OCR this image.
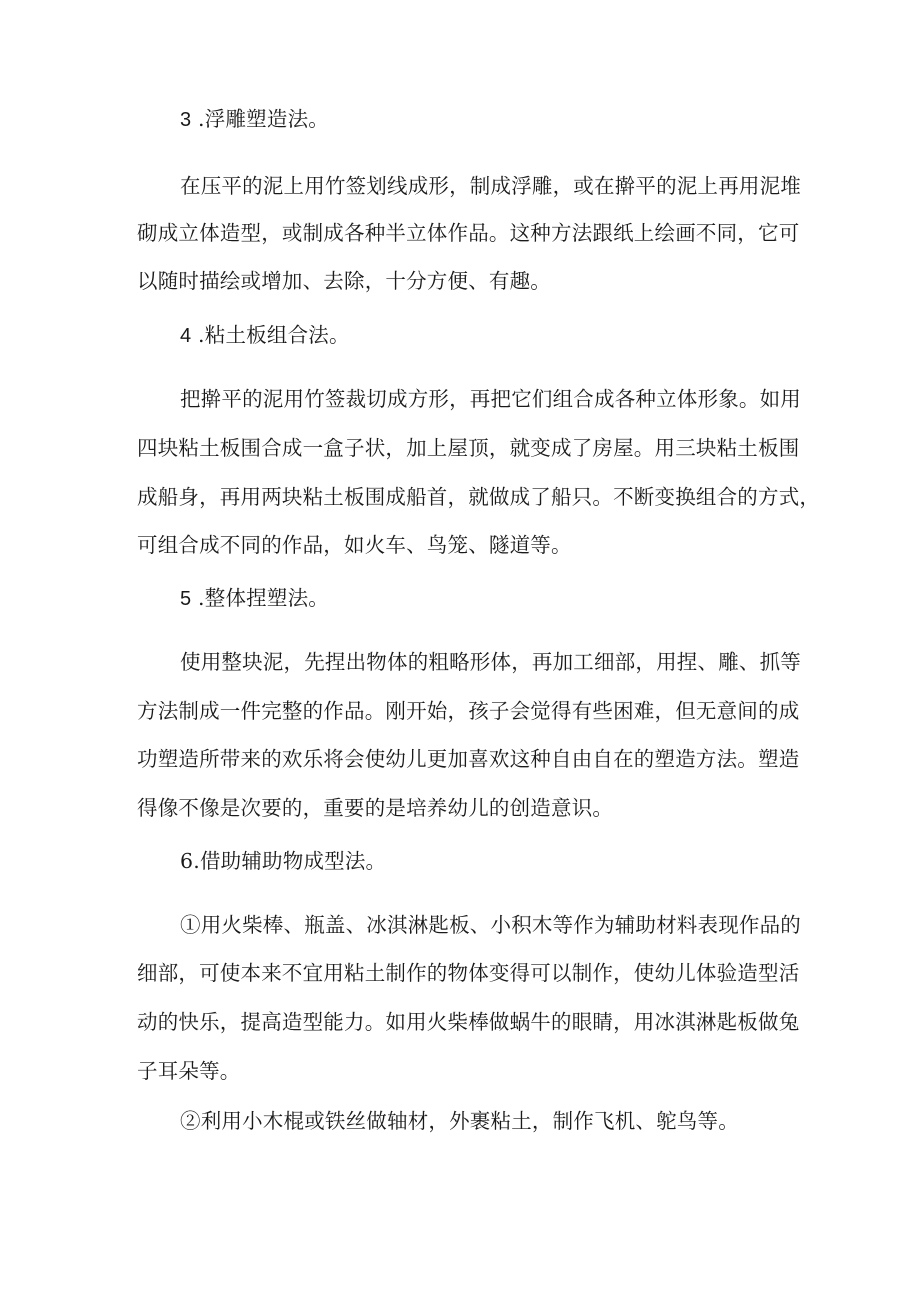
3 .浮雕塑造法。
在压平的泥上用竹签划线成形，制成浮雕，或在擀平的泥上再用泥堆
砌成立体造型，或制成各种半立体作品。这种方法跟纸上绘画不同，它可
以随时描绘或增加、去除，十分方便、有趣。
4 .粘土板组合法。
把擀平的泥用竹签裁切成方形，再把它们组合成各种立体形象。如用
四块粘土板围合成一盒子状，加上屋顶，就变成了房屋。用三块粘土板围
成船身，再用两块粘土板围成船首，就做成了船只。不断变换组合的方式，
可组合成不同的作品，如火车、鸟笼、隧道等。
5 .整体捏塑法。
使用整块泥，先捏出物体的粗略形体，再加工细部，用捏、雕、抓等
方法制成一件完整的作品。刚开始，孩子会觉得有些困难，但无意间的成
功塑造所带来的欢乐将会使幼儿更加喜欢这种自由自在的塑造方法。塑造
得像不像是次要的，重要的是培养幼儿的创造意识。
6.借助辅助物成型法。
①用火柴棒、瓶盖、冰淇淋匙板、小积木等作为辅助材料表现作品的
细部，可使本来不宜用粘土制作的物体变得可以制作，使幼儿体验造型活
动的快乐，提高造型能力。如用火柴棒做蜗牛的眼睛，用冰淇淋匙板做兔
子耳朵等。
②利用小木棍或铁丝做轴材，外裹粘土，制作飞机、鸵鸟等。
